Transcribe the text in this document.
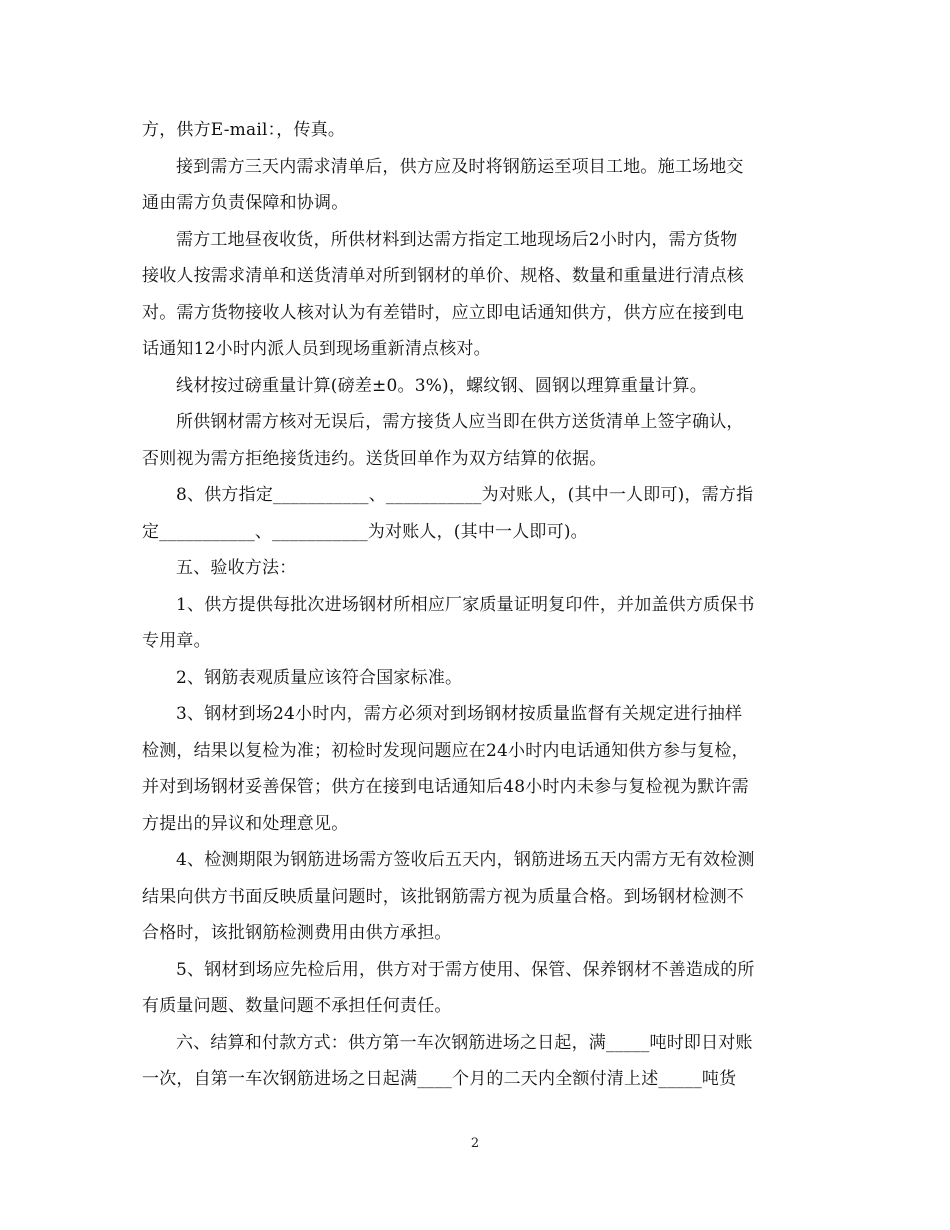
方，供方E-mail：，传真。
接到需方三天内需求清单后，供方应及时将钢筋运至项目工地。施工场地交
通由需方负责保障和协调。
需方工地昼夜收货，所供材料到达需方指定工地现场后2小时内，需方货物
接收人按需求清单和送货清单对所到钢材的单价、规格、数量和重量进行清点核
对。需方货物接收人核对认为有差错时，应立即电话通知供方，供方应在接到电
话通知12小时内派人员到现场重新清点核对。
线材按过磅重量计算(磅差±0。3%)，螺纹钢、圆钢以理算重量计算。
所供钢材需方核对无误后，需方接货人应当即在供方送货清单上签字确认，
否则视为需方拒绝接货违约。送货回单作为双方结算的依据。
8、供方指定___________、___________为对账人，(其中一人即可)，需方指
定___________、___________为对账人，(其中一人即可)。
五、验收方法：
1、供方提供每批次进场钢材所相应厂家质量证明复印件，并加盖供方质保书
专用章。
2、钢筋表观质量应该符合国家标准。
3、钢材到场24小时内，需方必须对到场钢材按质量监督有关规定进行抽样
检测，结果以复检为准；初检时发现问题应在24小时内电话通知供方参与复检，
并对到场钢材妥善保管；供方在接到电话通知后48小时内未参与复检视为默许需
方提出的异议和处理意见。
4、检测期限为钢筋进场需方签收后五天内，钢筋进场五天内需方无有效检测
结果向供方书面反映质量问题时，该批钢筋需方视为质量合格。到场钢材检测不
合格时，该批钢筋检测费用由供方承担。
5、钢材到场应先检后用，供方对于需方使用、保管、保养钢材不善造成的所
有质量问题、数量问题不承担任何责任。
六、结算和付款方式：供方第一车次钢筋进场之日起，满_____吨时即日对账
一次，自第一车次钢筋进场之日起满____个月的二天内全额付清上述_____吨货
2
